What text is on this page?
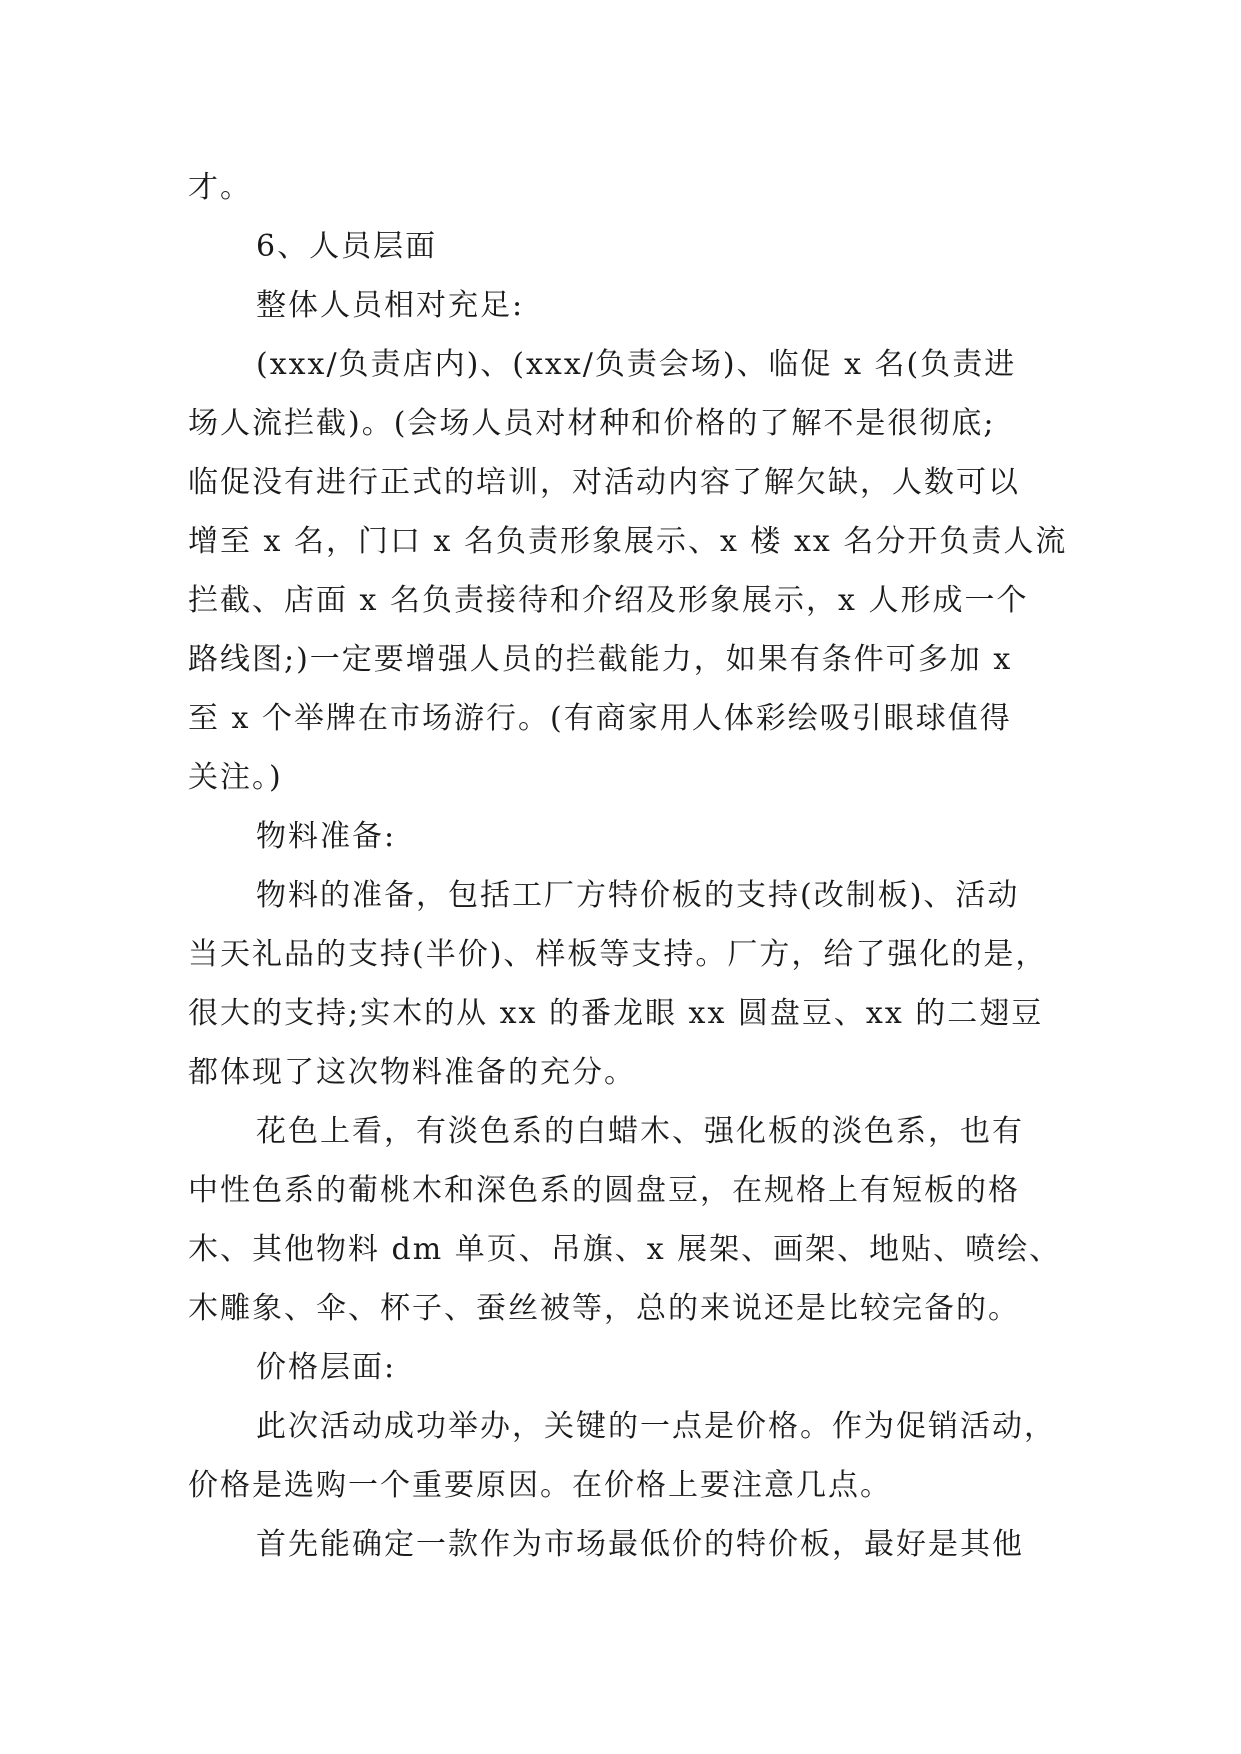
才。
6、人员层面
整体人员相对充足:
(xxx/负责店内)、(xxx/负责会场)、临促 x 名(负责进
场人流拦截)。(会场人员对材种和价格的了解不是很彻底;
临促没有进行正式的培训，对活动内容了解欠缺，人数可以
增至 x 名，门口 x 名负责形象展示、x 楼 xx 名分开负责人流
拦截、店面 x 名负责接待和介绍及形象展示，x 人形成一个
路线图;)一定要增强人员的拦截能力，如果有条件可多加 x
至 x 个举牌在市场游行。(有商家用人体彩绘吸引眼球值得
关注。)
物料准备:
物料的准备，包括工厂方特价板的支持(改制板)、活动
当天礼品的支持(半价)、样板等支持。厂方，给了强化的是，
很大的支持;实木的从 xx 的番龙眼 xx 圆盘豆、xx 的二翅豆
都体现了这次物料准备的充分。
花色上看，有淡色系的白蜡木、强化板的淡色系，也有
中性色系的葡桃木和深色系的圆盘豆，在规格上有短板的格
木、其他物料 dm 单页、吊旗、x 展架、画架、地贴、喷绘、
木雕象、伞、杯子、蚕丝被等，总的来说还是比较完备的。
价格层面:
此次活动成功举办，关键的一点是价格。作为促销活动，
价格是选购一个重要原因。在价格上要注意几点。
首先能确定一款作为市场最低价的特价板，最好是其他
